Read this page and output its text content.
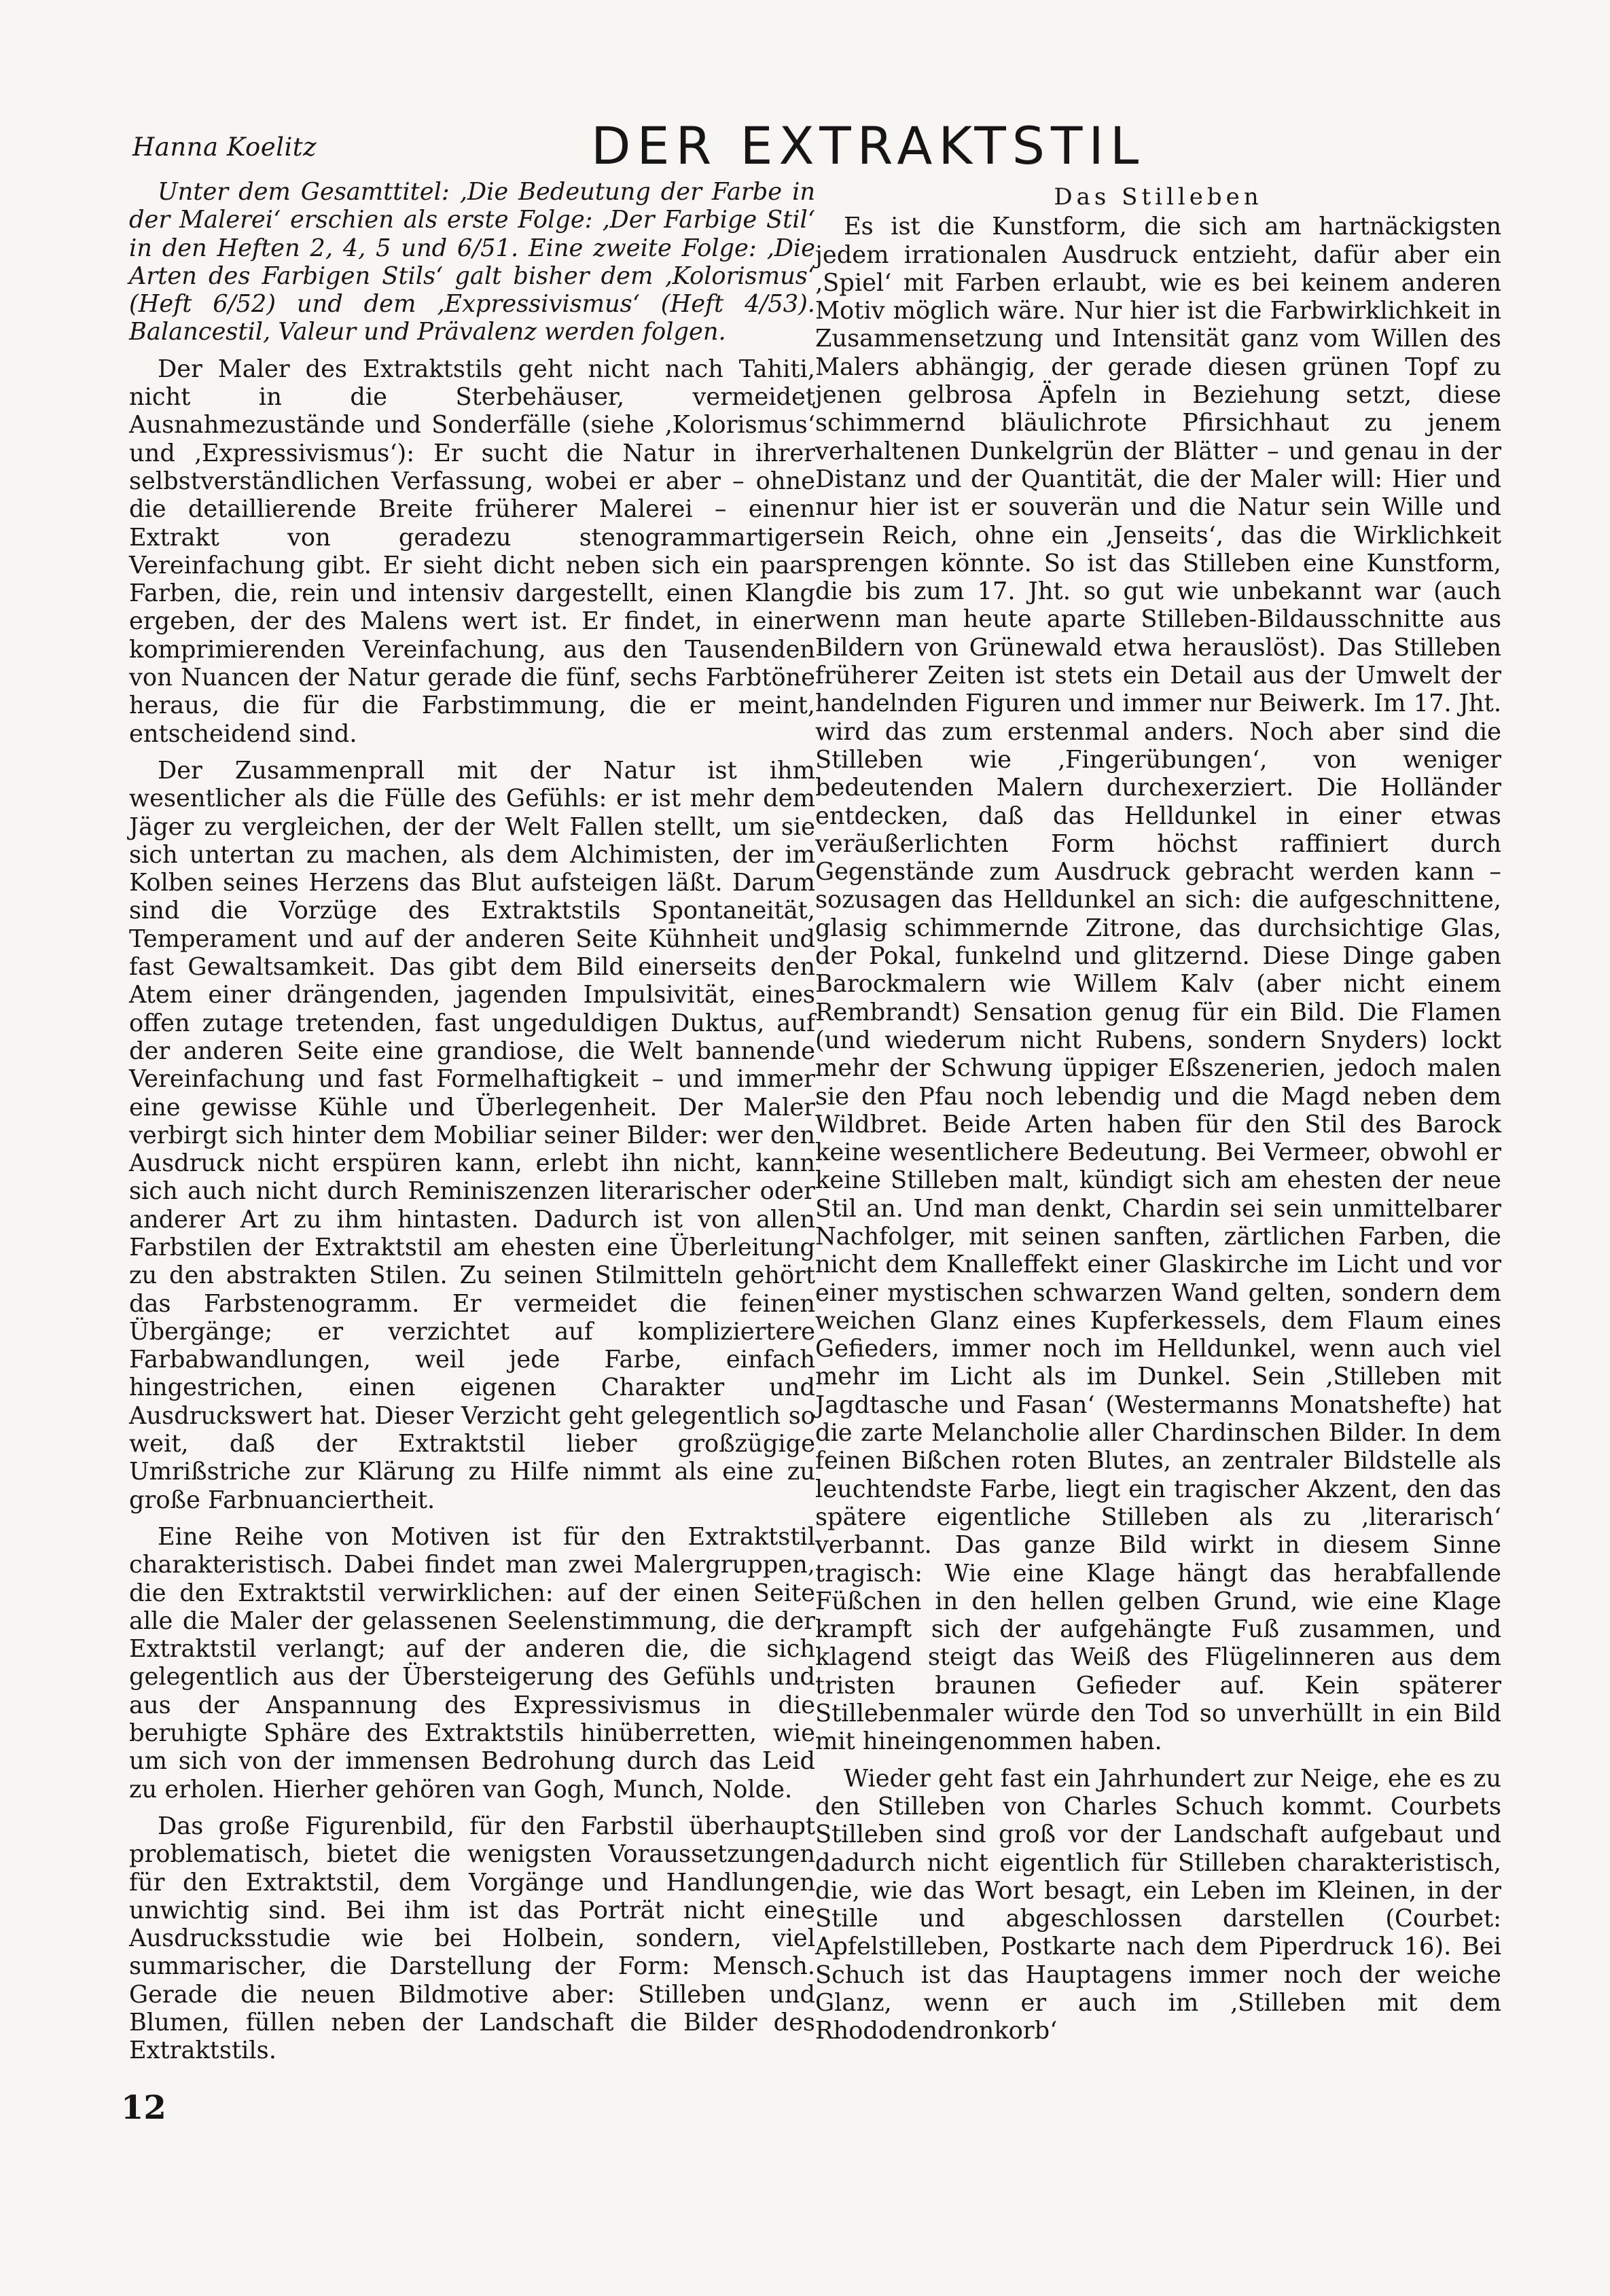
Hanna Koelitz	DER EXTRAKTSTIL

Unter dem Gesamttitel: ‚Die Bedeutung der Farbe in der Malerei‘ erschien als erste Folge: ‚Der Farbige Stil‘ in den Heften 2, 4, 5 und 6/51. Eine zweite Folge: ‚Die Arten des Farbigen Stils‘ galt bisher dem ‚Kolorismus‘ (Heft 6/52) und dem ‚Expressivismus‘ (Heft 4/53). Balancestil, Valeur und Prävalenz werden folgen.

Der Maler des Extraktstils geht nicht nach Tahiti, nicht in die Sterbehäuser, vermeidet Ausnahmezustände und Sonderfälle (siehe ‚Kolorismus‘ und ‚Expressivismus‘): Er sucht die Natur in ihrer selbstverständlichen Verfassung, wobei er aber – ohne die detaillierende Breite früherer Malerei – einen Extrakt von geradezu stenogrammartiger Vereinfachung gibt. Er sieht dicht neben sich ein paar Farben, die, rein und intensiv dargestellt, einen Klang ergeben, der des Malens wert ist. Er findet, in einer komprimierenden Vereinfachung, aus den Tausenden von Nuancen der Natur gerade die fünf, sechs Farbtöne heraus, die für die Farbstimmung, die er meint, entscheidend sind.

Der Zusammenprall mit der Natur ist ihm wesentlicher als die Fülle des Gefühls: er ist mehr dem Jäger zu vergleichen, der der Welt Fallen stellt, um sie sich untertan zu machen, als dem Alchimisten, der im Kolben seines Herzens das Blut aufsteigen läßt. Darum sind die Vorzüge des Extraktstils Spontaneität, Temperament und auf der anderen Seite Kühnheit und fast Gewaltsamkeit. Das gibt dem Bild einerseits den Atem einer drängenden, jagenden Impulsivität, eines offen zutage tretenden, fast ungeduldigen Duktus, auf der anderen Seite eine grandiose, die Welt bannende Vereinfachung und fast Formelhaftigkeit – und immer eine gewisse Kühle und Überlegenheit. Der Maler verbirgt sich hinter dem Mobiliar seiner Bilder: wer den Ausdruck nicht erspüren kann, erlebt ihn nicht, kann sich auch nicht durch Reminiszenzen literarischer oder anderer Art zu ihm hintasten. Dadurch ist von allen Farbstilen der Extraktstil am ehesten eine Überleitung zu den abstrakten Stilen. Zu seinen Stilmitteln gehört das Farbstenogramm. Er vermeidet die feinen Übergänge; er verzichtet auf kompliziertere Farbabwandlungen, weil jede Farbe, einfach hingestrichen, einen eigenen Charakter und Ausdruckswert hat. Dieser Verzicht geht gelegentlich so weit, daß der Extraktstil lieber großzügige Umrißstriche zur Klärung zu Hilfe nimmt als eine zu große Farbnuanciertheit.

Eine Reihe von Motiven ist für den Extraktstil charakteristisch. Dabei findet man zwei Malergruppen, die den Extraktstil verwirklichen: auf der einen Seite alle die Maler der gelassenen Seelenstimmung, die der Extraktstil verlangt; auf der anderen die, die sich gelegentlich aus der Übersteigerung des Gefühls und aus der Anspannung des Expressivismus in die beruhigte Sphäre des Extraktstils hinüberretten, wie um sich von der immensen Bedrohung durch das Leid zu erholen. Hierher gehören van Gogh, Munch, Nolde.

Das große Figurenbild, für den Farbstil überhaupt problematisch, bietet die wenigsten Voraussetzungen für den Extraktstil, dem Vorgänge und Handlungen unwichtig sind. Bei ihm ist das Porträt nicht eine Ausdrucksstudie wie bei Holbein, sondern, viel summarischer, die Darstellung der Form: Mensch. Gerade die neuen Bildmotive aber: Stilleben und Blumen, füllen neben der Landschaft die Bilder des Extraktstils.

Das Stilleben

Es ist die Kunstform, die sich am hartnäckigsten jedem irrationalen Ausdruck entzieht, dafür aber ein ‚Spiel‘ mit Farben erlaubt, wie es bei keinem anderen Motiv möglich wäre. Nur hier ist die Farbwirklichkeit in Zusammensetzung und Intensität ganz vom Willen des Malers abhängig, der gerade diesen grünen Topf zu jenen gelbrosa Äpfeln in Beziehung setzt, diese schimmernd bläulichrote Pfirsichhaut zu jenem verhaltenen Dunkelgrün der Blätter – und genau in der Distanz und der Quantität, die der Maler will: Hier und nur hier ist er souverän und die Natur sein Wille und sein Reich, ohne ein ‚Jenseits‘, das die Wirklichkeit sprengen könnte. So ist das Stilleben eine Kunstform, die bis zum 17. Jht. so gut wie unbekannt war (auch wenn man heute aparte Stilleben-Bildausschnitte aus Bildern von Grünewald etwa herauslöst). Das Stilleben früherer Zeiten ist stets ein Detail aus der Umwelt der handelnden Figuren und immer nur Beiwerk. Im 17. Jht. wird das zum erstenmal anders. Noch aber sind die Stilleben wie ‚Fingerübungen‘, von weniger bedeutenden Malern durchexerziert. Die Holländer entdecken, daß das Helldunkel in einer etwas veräußerlichten Form höchst raffiniert durch Gegenstände zum Ausdruck gebracht werden kann – sozusagen das Helldunkel an sich: die aufgeschnittene, glasig schimmernde Zitrone, das durchsichtige Glas, der Pokal, funkelnd und glitzernd. Diese Dinge gaben Barockmalern wie Willem Kalv (aber nicht einem Rembrandt) Sensation genug für ein Bild. Die Flamen (und wiederum nicht Rubens, sondern Snyders) lockt mehr der Schwung üppiger Eßszenerien, jedoch malen sie den Pfau noch lebendig und die Magd neben dem Wildbret. Beide Arten haben für den Stil des Barock keine wesentlichere Bedeutung. Bei Vermeer, obwohl er keine Stilleben malt, kündigt sich am ehesten der neue Stil an. Und man denkt, Chardin sei sein unmittelbarer Nachfolger, mit seinen sanften, zärtlichen Farben, die nicht dem Knalleffekt einer Glaskirche im Licht und vor einer mystischen schwarzen Wand gelten, sondern dem weichen Glanz eines Kupferkessels, dem Flaum eines Gefieders, immer noch im Helldunkel, wenn auch viel mehr im Licht als im Dunkel. Sein ‚Stilleben mit Jagdtasche und Fasan‘ (Westermanns Monatshefte) hat die zarte Melancholie aller Chardinschen Bilder. In dem feinen Bißchen roten Blutes, an zentraler Bildstelle als leuchtendste Farbe, liegt ein tragischer Akzent, den das spätere eigentliche Stilleben als zu ‚literarisch‘ verbannt. Das ganze Bild wirkt in diesem Sinne tragisch: Wie eine Klage hängt das herabfallende Füßchen in den hellen gelben Grund, wie eine Klage krampft sich der aufgehängte Fuß zusammen, und klagend steigt das Weiß des Flügelinneren aus dem tristen braunen Gefieder auf. Kein späterer Stillebenmaler würde den Tod so unverhüllt in ein Bild mit hineingenommen haben.

Wieder geht fast ein Jahrhundert zur Neige, ehe es zu den Stilleben von Charles Schuch kommt. Courbets Stilleben sind groß vor der Landschaft aufgebaut und dadurch nicht eigentlich für Stilleben charakteristisch, die, wie das Wort besagt, ein Leben im Kleinen, in der Stille und abgeschlossen darstellen (Courbet: Apfelstilleben, Postkarte nach dem Piperdruck 16). Bei Schuch ist das Hauptagens immer noch der weiche Glanz, wenn er auch im ‚Stilleben mit dem Rhododendronkorb‘

12
